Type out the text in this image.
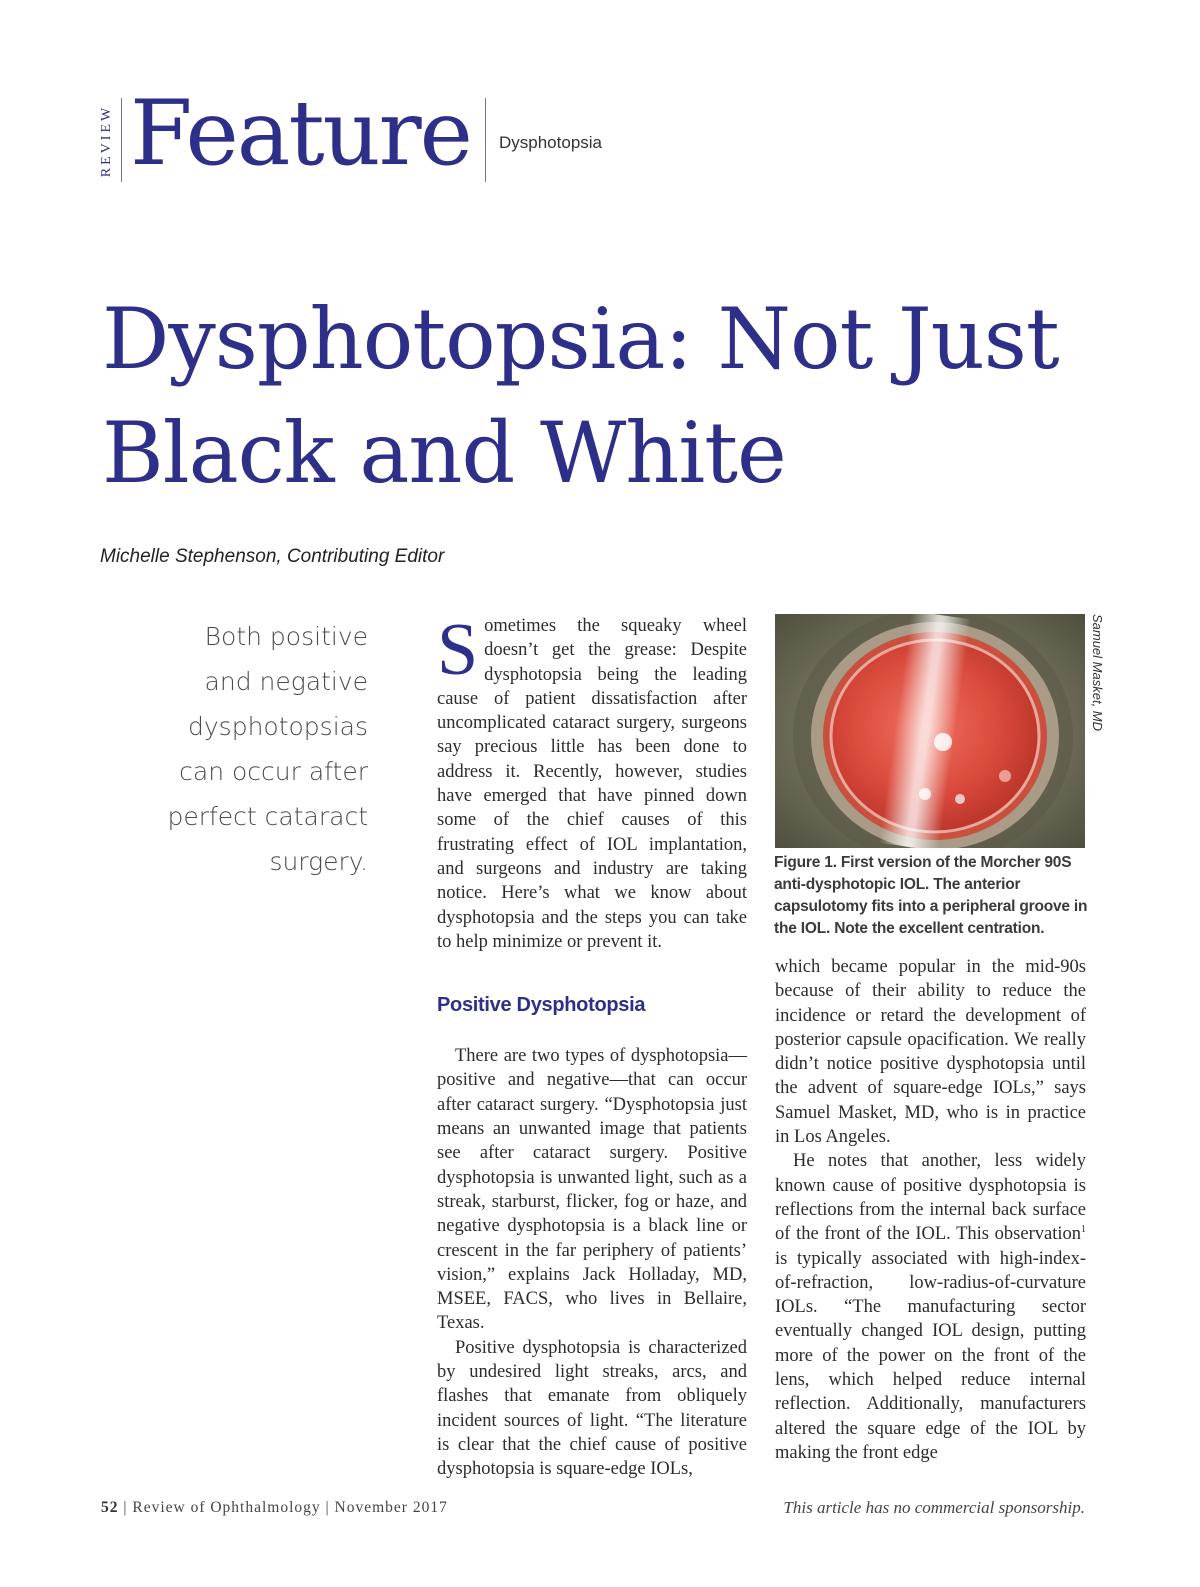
REVIEW Feature Dysphotopsia
Dysphotopsia: Not Just
Black and White
Michelle Stephenson, Contributing Editor
Both positive and negative dysphotopsias can occur after perfect cataract surgery.

Sometimes the squeaky wheel doesn’t get the grease: Despite dysphotopsia being the leading cause of patient dissatisfaction after uncomplicated cataract surgery, surgeons say precious little has been done to address it. Recently, however, studies have emerged that have pinned down some of the chief causes of this frustrating effect of IOL implantation, and surgeons and industry are taking notice. Here’s what we know about dysphotopsia and the steps you can take to help minimize or prevent it.

Positive Dysphotopsia

There are two types of dysphotopsia—positive and negative—that can occur after cataract surgery. “Dysphotopsia just means an unwanted image that patients see after cataract surgery. Positive dysphotopsia is unwanted light, such as a streak, starburst, flicker, fog or haze, and negative dysphotopsia is a black line or crescent in the far periphery of patients’ vision,” explains Jack Holladay, MD, MSEE, FACS, who lives in Bellaire, Texas.

Positive dysphotopsia is characterized by undesired light streaks, arcs, and flashes that emanate from obliquely incident sources of light. “The literature is clear that the chief cause of positive dysphotopsia is square-edge IOLs,

Samuel Masket, MD
Figure 1. First version of the Morcher 90S anti-dysphotopic IOL. The anterior capsulotomy fits into a peripheral groove in the IOL. Note the excellent centration.

which became popular in the mid-90s because of their ability to reduce the incidence or retard the development of posterior capsule opacification. We really didn’t notice positive dysphotopsia until the advent of square-edge IOLs,” says Samuel Masket, MD, who is in practice in Los Angeles.

He notes that another, less widely known cause of positive dysphotopsia is reflections from the internal back surface of the front of the IOL. This observation$^1$ is typically associated with high-index-of-refraction, low-radius-of-curvature IOLs. “The manufacturing sector eventually changed IOL design, putting more of the power on the front of the lens, which helped reduce internal reflection. Additionally, manufacturers altered the square edge of the IOL by making the front edge

52 | Review of Ophthalmology | November 2017	This article has no commercial sponsorship.
